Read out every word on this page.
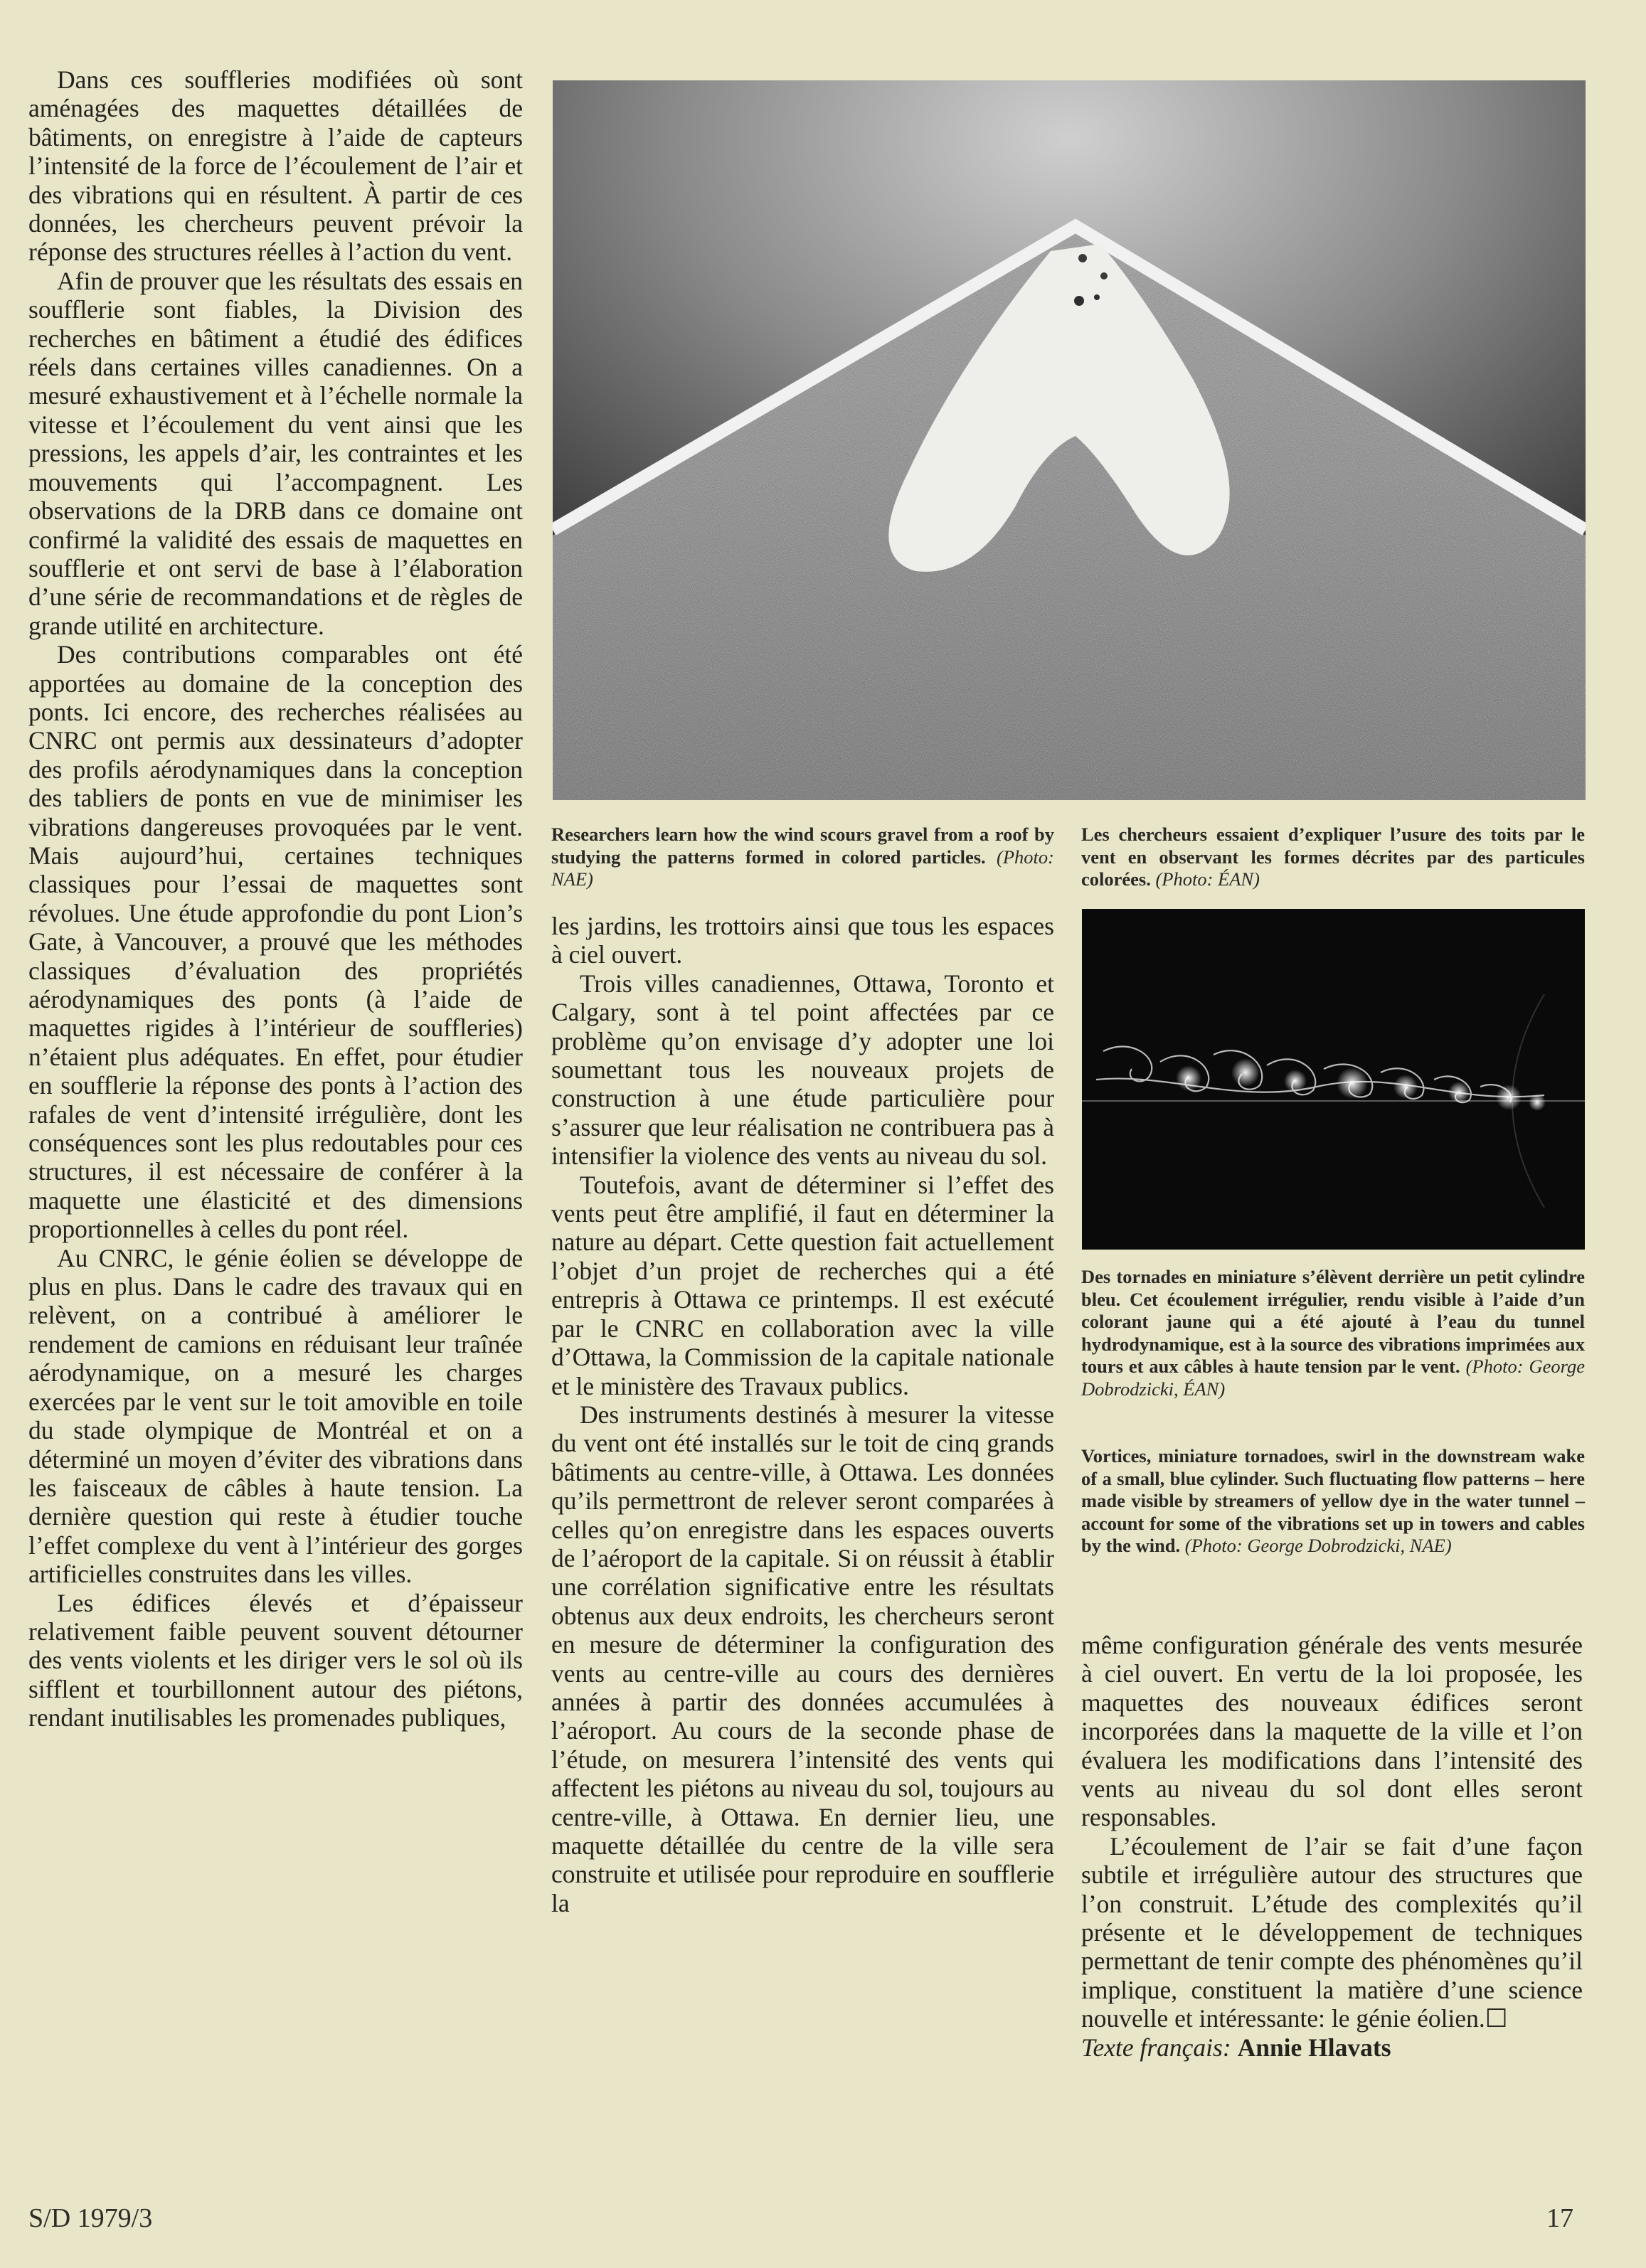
Dans ces souffleries modifiées où sont aménagées des maquettes détaillées de bâtiments, on enregistre à l’aide de capteurs l’intensité de la force de l’écoulement de l’air et des vibrations qui en résultent. À partir de ces données, les chercheurs peuvent prévoir la réponse des structures réelles à l’action du vent.

Afin de prouver que les résultats des essais en soufflerie sont fiables, la Division des recherches en bâtiment a étudié des édifices réels dans certaines villes canadiennes. On a mesuré exhaustivement et à l’échelle normale la vitesse et l’écoulement du vent ainsi que les pressions, les appels d’air, les contraintes et les mouvements qui l’accompagnent. Les observations de la DRB dans ce domaine ont confirmé la validité des essais de maquettes en soufflerie et ont servi de base à l’élaboration d’une série de recommandations et de règles de grande utilité en architecture.

Des contributions comparables ont été apportées au domaine de la conception des ponts. Ici encore, des recherches réalisées au CNRC ont permis aux dessinateurs d’adopter des profils aérodynamiques dans la conception des tabliers de ponts en vue de minimiser les vibrations dangereuses provoquées par le vent. Mais aujourd’hui, certaines techniques classiques pour l’essai de maquettes sont révolues. Une étude approfondie du pont Lion’s Gate, à Vancouver, a prouvé que les méthodes classiques d’évaluation des propriétés aérodynamiques des ponts (à l’aide de maquettes rigides à l’intérieur de souffleries) n’étaient plus adéquates. En effet, pour étudier en soufflerie la réponse des ponts à l’action des rafales de vent d’intensité irrégulière, dont les conséquences sont les plus redoutables pour ces structures, il est nécessaire de conférer à la maquette une élasticité et des dimensions proportionnelles à celles du pont réel.

Au CNRC, le génie éolien se développe de plus en plus. Dans le cadre des travaux qui en relèvent, on a contribué à améliorer le rendement de camions en réduisant leur traînée aérodynamique, on a mesuré les charges exercées par le vent sur le toit amovible en toile du stade olympique de Montréal et on a déterminé un moyen d’éviter des vibrations dans les faisceaux de câbles à haute tension. La dernière question qui reste à étudier touche l’effet complexe du vent à l’intérieur des gorges artificielles construites dans les villes.

Les édifices élevés et d’épaisseur relativement faible peuvent souvent détourner des vents violents et les diriger vers le sol où ils sifflent et tourbillonnent autour des piétons, rendant inutilisables les promenades publiques,

Researchers learn how the wind scours gravel from a roof by studying the patterns formed in colored particles. (Photo: NAE)
Les chercheurs essaient d’expliquer l’usure des toits par le vent en observant les formes décrites par des particules colorées. (Photo: ÉAN)

les jardins, les trottoirs ainsi que tous les espaces à ciel ouvert.

Trois villes canadiennes, Ottawa, Toronto et Calgary, sont à tel point affectées par ce problème qu’on envisage d’y adopter une loi soumettant tous les nouveaux projets de construction à une étude particulière pour s’assurer que leur réalisation ne contribuera pas à intensifier la violence des vents au niveau du sol.

Toutefois, avant de déterminer si l’effet des vents peut être amplifié, il faut en déterminer la nature au départ. Cette question fait actuellement l’objet d’un projet de recherches qui a été entrepris à Ottawa ce printemps. Il est exécuté par le CNRC en collaboration avec la ville d’Ottawa, la Commission de la capitale nationale et le ministère des Travaux publics.

Des instruments destinés à mesurer la vitesse du vent ont été installés sur le toit de cinq grands bâtiments au centre-ville, à Ottawa. Les données qu’ils permettront de relever seront comparées à celles qu’on enregistre dans les espaces ouverts de l’aéroport de la capitale. Si on réussit à établir une corrélation significative entre les résultats obtenus aux deux endroits, les chercheurs seront en mesure de déterminer la configuration des vents au centre-ville au cours des dernières années à partir des données accumulées à l’aéroport. Au cours de la seconde phase de l’étude, on mesurera l’intensité des vents qui affectent les piétons au niveau du sol, toujours au centre-ville, à Ottawa. En dernier lieu, une maquette détaillée du centre de la ville sera construite et utilisée pour reproduire en soufflerie la

Des tornades en miniature s’élèvent derrière un petit cylindre bleu. Cet écoulement irrégulier, rendu visible à l’aide d’un colorant jaune qui a été ajouté à l’eau du tunnel hydrodynamique, est à la source des vibrations imprimées aux tours et aux câbles à haute tension par le vent. (Photo: George Dobrodzicki, ÉAN)
Vortices, miniature tornadoes, swirl in the downstream wake of a small, blue cylinder. Such fluctuating flow patterns – here made visible by streamers of yellow dye in the water tunnel – account for some of the vibrations set up in towers and cables by the wind. (Photo: George Dobrodzicki, NAE)

même configuration générale des vents mesurée à ciel ouvert. En vertu de la loi proposée, les maquettes des nouveaux édifices seront incorporées dans la maquette de la ville et l’on évaluera les modifications dans l’intensité des vents au niveau du sol dont elles seront responsables.

L’écoulement de l’air se fait d’une façon subtile et irrégulière autour des structures que l’on construit. L’étude des complexités qu’il présente et le développement de techniques permettant de tenir compte des phénomènes qu’il implique, constituent la matière d’une science nouvelle et intéressante: le génie éolien.☐

Texte français: Annie Hlavats

S/D 1979/3	17
